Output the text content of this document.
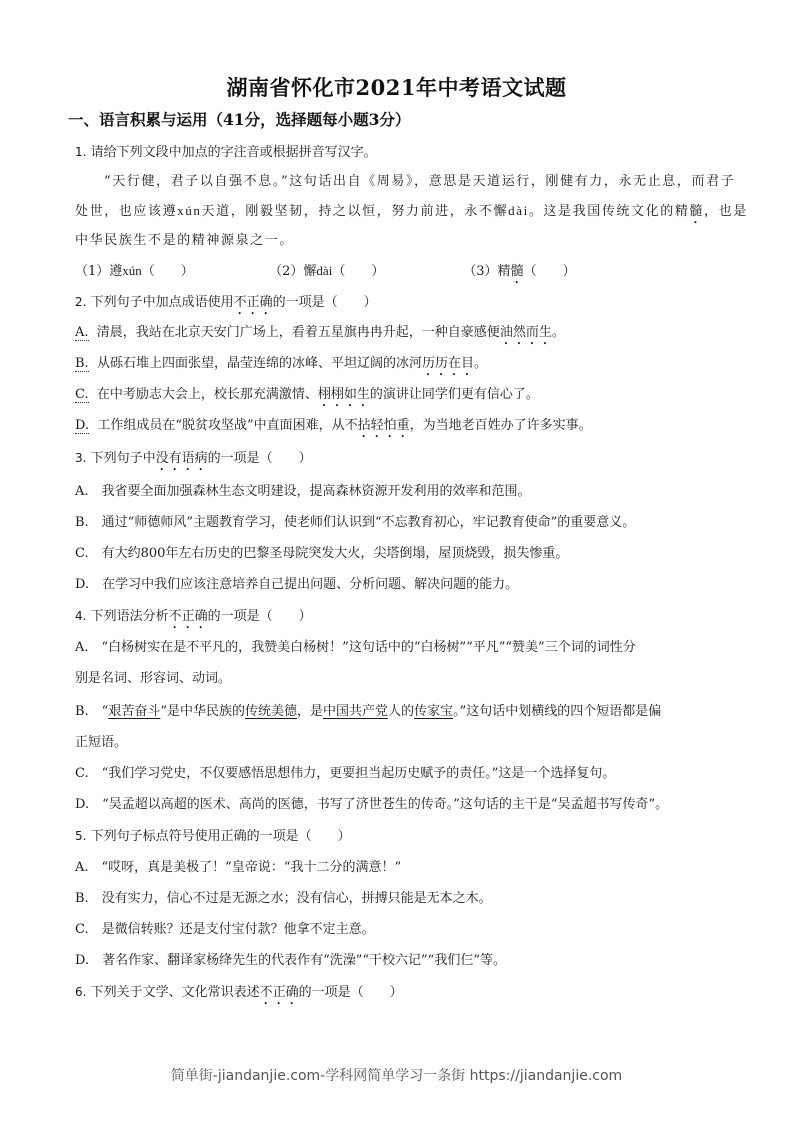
湖南省怀化市2021年中考语文试题
一、语言积累与运用（41分，选择题每小题3分）
1. 请给下列文段中加点的字注音或根据拼音写汉字。
“天行健，君子以自强不息。”这句话出自《周易》，意思是天道运行，刚健有力，永无止息，而君子
处世，也应该遵xún天道，刚毅坚韧，持之以恒，努力前进，永不懈dài。这是我国传统文化的精髓，也是
中华民族生不是的精神源泉之一。
（1）遵xún（　　）	（2）懈dài（　　）	（3）精髓（　　）
2. 下列句子中加点成语使用不正确的一项是（　　）
A. 清晨，我站在北京天安门广场上，看着五星旗冉冉升起，一种自豪感便油然而生。
B. 从砾石堆上四面张望，晶莹连绵的冰峰、平坦辽阔的冰河历历在目。
C. 在中考励志大会上，校长那充满激情、栩栩如生的演讲让同学们更有信心了。
D. 工作组成员在“脱贫攻坚战”中直面困难，从不拈轻怕重，为当地老百姓办了许多实事。
3. 下列句子中没有语病的一项是（　　）
A.　我省要全面加强森林生态文明建设，提高森林资源开发利用的效率和范围。
B.　通过“师德师风”主题教育学习，使老师们认识到“不忘教育初心，牢记教育使命”的重要意义。
C.　有大约800年左右历史的巴黎圣母院突发大火，尖塔倒塌，屋顶烧毁，损失惨重。
D.　在学习中我们应该注意培养自己提出问题、分析问题、解决问题的能力。
4. 下列语法分析不正确的一项是（　　）
A.　“白杨树实在是不平凡的，我赞美白杨树！”这句话中的“白杨树”“平凡”“赞美”三个词的词性分
别是名词、形容词、动词。
B.　“艰苦奋斗”是中华民族的传统美德，是中国共产党人的传家宝。”这句话中划横线的四个短语都是偏
正短语。
C.　“我们学习党史，不仅要感悟思想伟力，更要担当起历史赋予的责任。”这是一个选择复句。
D.　“吴孟超以高超的医术、高尚的医德，书写了济世苍生的传奇。”这句话的主干是“吴孟超书写传奇”。
5. 下列句子标点符号使用正确的一项是（　　）
A.　“哎呀，真是美极了！”皇帝说：“我十二分的满意！”
B.　没有实力，信心不过是无源之水；没有信心，拼搏只能是无本之木。
C.　是微信转账？还是支付宝付款？他拿不定主意。
D.　著名作家、翻译家杨绛先生的代表作有“洗澡”“干校六记”“我们仨”等。
6. 下列关于文学、文化常识表述不正确的一项是（　　）
简单街-jiandanjie.com-学科网简单学习一条街 https://jiandanjie.com
